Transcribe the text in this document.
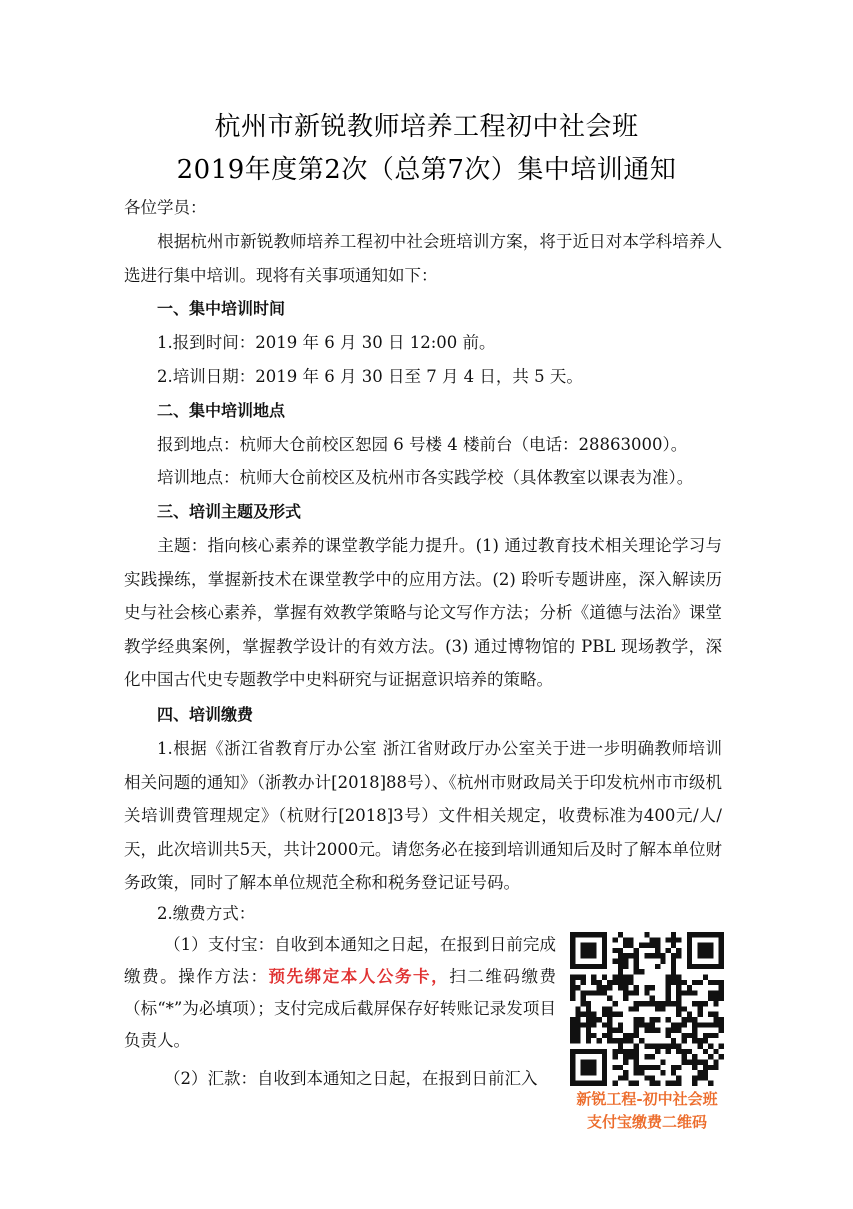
杭州市新锐教师培养工程初中社会班
2019年度第2次（总第7次）集中培训通知
各位学员：
根据杭州市新锐教师培养工程初中社会班培训方案，将于近日对本学科培养人选进行集中培训。现将有关事项通知如下：
一、集中培训时间
1.报到时间：2019 年 6 月 30 日 12:00 前。
2.培训日期：2019 年 6 月 30 日至 7 月 4 日，共 5 天。
二、集中培训地点
报到地点：杭师大仓前校区恕园 6 号楼 4 楼前台（电话：28863000）。
培训地点：杭师大仓前校区及杭州市各实践学校（具体教室以课表为准）。
三、培训主题及形式
主题：指向核心素养的课堂教学能力提升。(1) 通过教育技术相关理论学习与实践操练，掌握新技术在课堂教学中的应用方法。(2) 聆听专题讲座，深入解读历史与社会核心素养，掌握有效教学策略与论文写作方法；分析《道德与法治》课堂教学经典案例，掌握教学设计的有效方法。(3) 通过博物馆的 PBL 现场教学，深化中国古代史专题教学中史料研究与证据意识培养的策略。
四、培训缴费
1.根据《浙江省教育厅办公室 浙江省财政厅办公室关于进一步明确教师培训相关问题的通知》（浙教办计[2018]88号）、《杭州市财政局关于印发杭州市市级机关培训费管理规定》（杭财行[2018]3号）文件相关规定，收费标准为400元/人/天，此次培训共5天，共计2000元。请您务必在接到培训通知后及时了解本单位财务政策，同时了解本单位规范全称和税务登记证号码。
2.缴费方式：
（1）支付宝：自收到本通知之日起，在报到日前完成缴费。操作方法：预先绑定本人公务卡，扫二维码缴费（标“*”为必填项）；支付完成后截屏保存好转账记录发项目负责人。
（2）汇款：自收到本通知之日起，在报到日前汇入
新锐工程-初中社会班
支付宝缴费二维码
